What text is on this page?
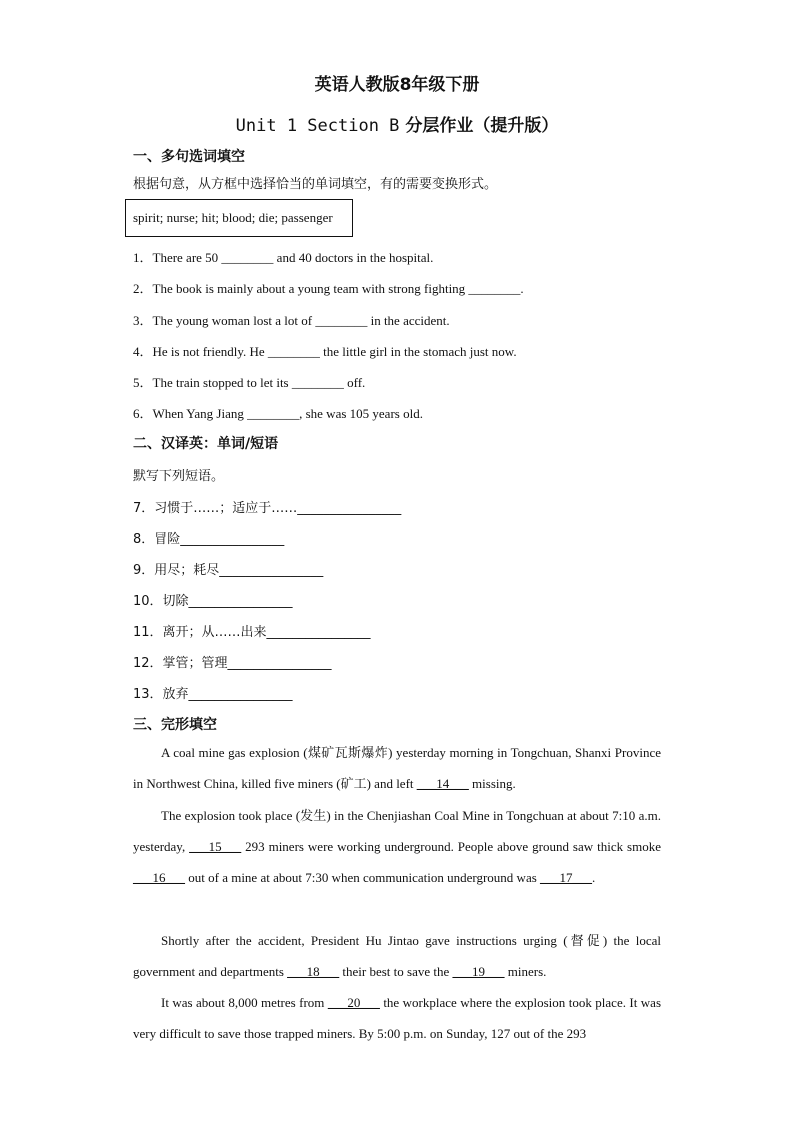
英语人教版8年级下册
Unit 1 Section B 分层作业（提升版）
一、多句选词填空
根据句意，从方框中选择恰当的单词填空，有的需要变换形式。
spirit; nurse; hit; blood; die; passenger
1．There are 50 ________ and 40 doctors in the hospital.
2．The book is mainly about a young team with strong fighting ________.
3．The young woman lost a lot of ________ in the accident.
4．He is not friendly. He ________ the little girl in the stomach just now.
5．The train stopped to let its ________ off.
6．When Yang Jiang ________, she was 105 years old.
二、汉译英：单词/短语
默写下列短语。
7．习惯于……；适应于……________________
8．冒险________________
9．用尽；耗尽________________
10．切除________________
11．离开；从……出来________________
12．掌管；管理________________
13．放弃________________
三、完形填空
A coal mine gas explosion (煤矿瓦斯爆炸) yesterday morning in Tongchuan, Shanxi Province in Northwest China, killed five miners (矿工) and left ___14___ missing.
The explosion took place (发生) in the Chenjiashan Coal Mine in Tongchuan at about 7:10 a.m. yesterday, ___15___ 293 miners were working underground. People above ground saw thick smoke ___16___ out of a mine at about 7:30 when communication underground was ___17___.
Shortly after the accident, President Hu Jintao gave instructions urging (督促) the local government and departments ___18___ their best to save the ___19___ miners.
It was about 8,000 metres from ___20___ the workplace where the explosion took place. It was very difficult to save those trapped miners. By 5:00 p.m. on Sunday, 127 out of the 293
